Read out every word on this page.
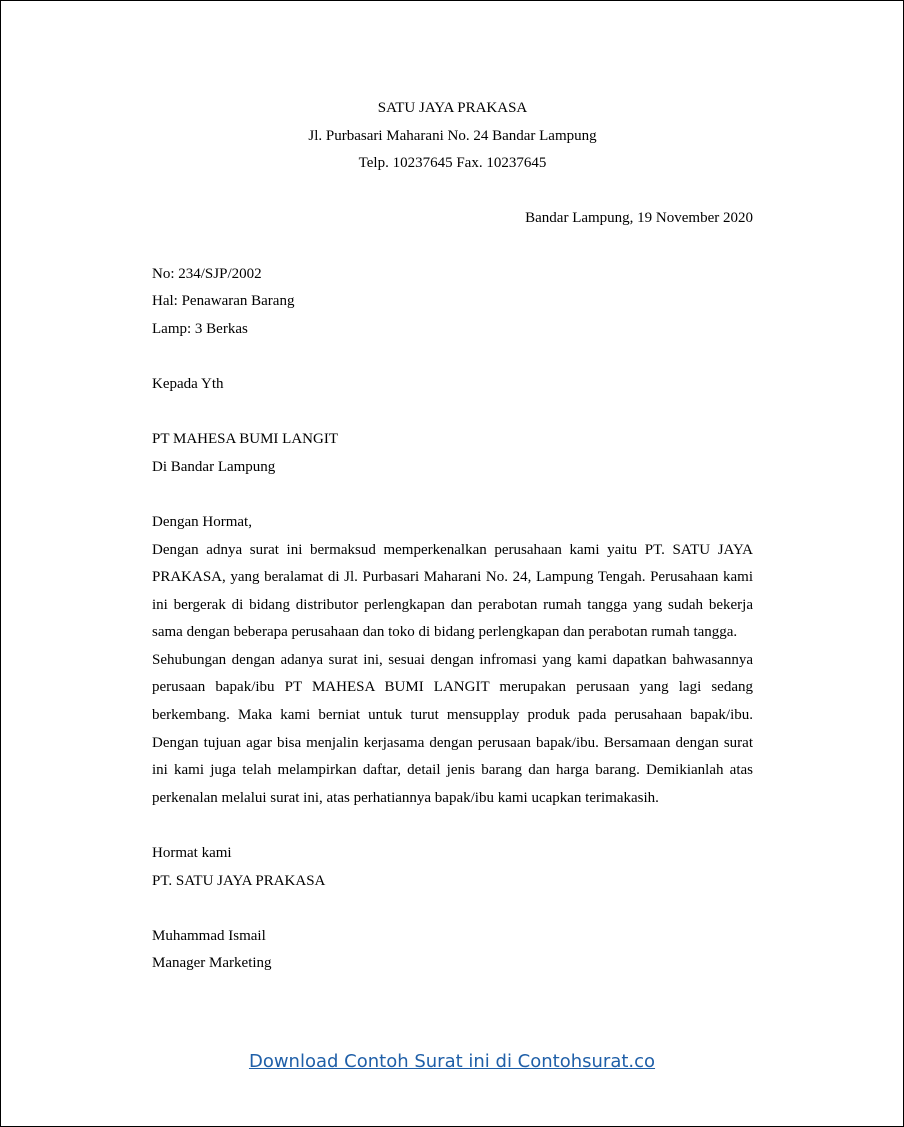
SATU JAYA PRAKASA

Jl. Purbasari Maharani No. 24 Bandar Lampung

Telp. 10237645 Fax. 10237645

Bandar Lampung, 19 November 2020

No: 234/SJP/2002

Hal: Penawaran Barang

Lamp: 3 Berkas

Kepada Yth

PT MAHESA BUMI LANGIT

Di Bandar Lampung

Dengan Hormat,

Dengan adnya surat ini bermaksud memperkenalkan perusahaan kami yaitu PT. SATU JAYA PRAKASA, yang beralamat di Jl. Purbasari Maharani No. 24, Lampung Tengah. Perusahaan kami ini bergerak di bidang distributor perlengkapan dan perabotan rumah tangga yang sudah bekerja sama dengan beberapa perusahaan dan toko di bidang perlengkapan dan perabotan rumah tangga.

Sehubungan dengan adanya surat ini, sesuai dengan infromasi yang kami dapatkan bahwasannya perusaan bapak/ibu PT MAHESA BUMI LANGIT merupakan perusaan yang lagi sedang berkembang. Maka kami berniat untuk turut mensupplay produk pada perusahaan bapak/ibu. Dengan tujuan agar bisa menjalin kerjasama dengan perusaan bapak/ibu. Bersamaan dengan surat ini kami juga telah melampirkan daftar, detail jenis barang dan harga barang. Demikianlah atas perkenalan melalui surat ini, atas perhatiannya bapak/ibu kami ucapkan terimakasih.

Hormat kami

PT. SATU JAYA PRAKASA

Muhammad Ismail

Manager Marketing

Download Contoh Surat ini di Contohsurat.co
